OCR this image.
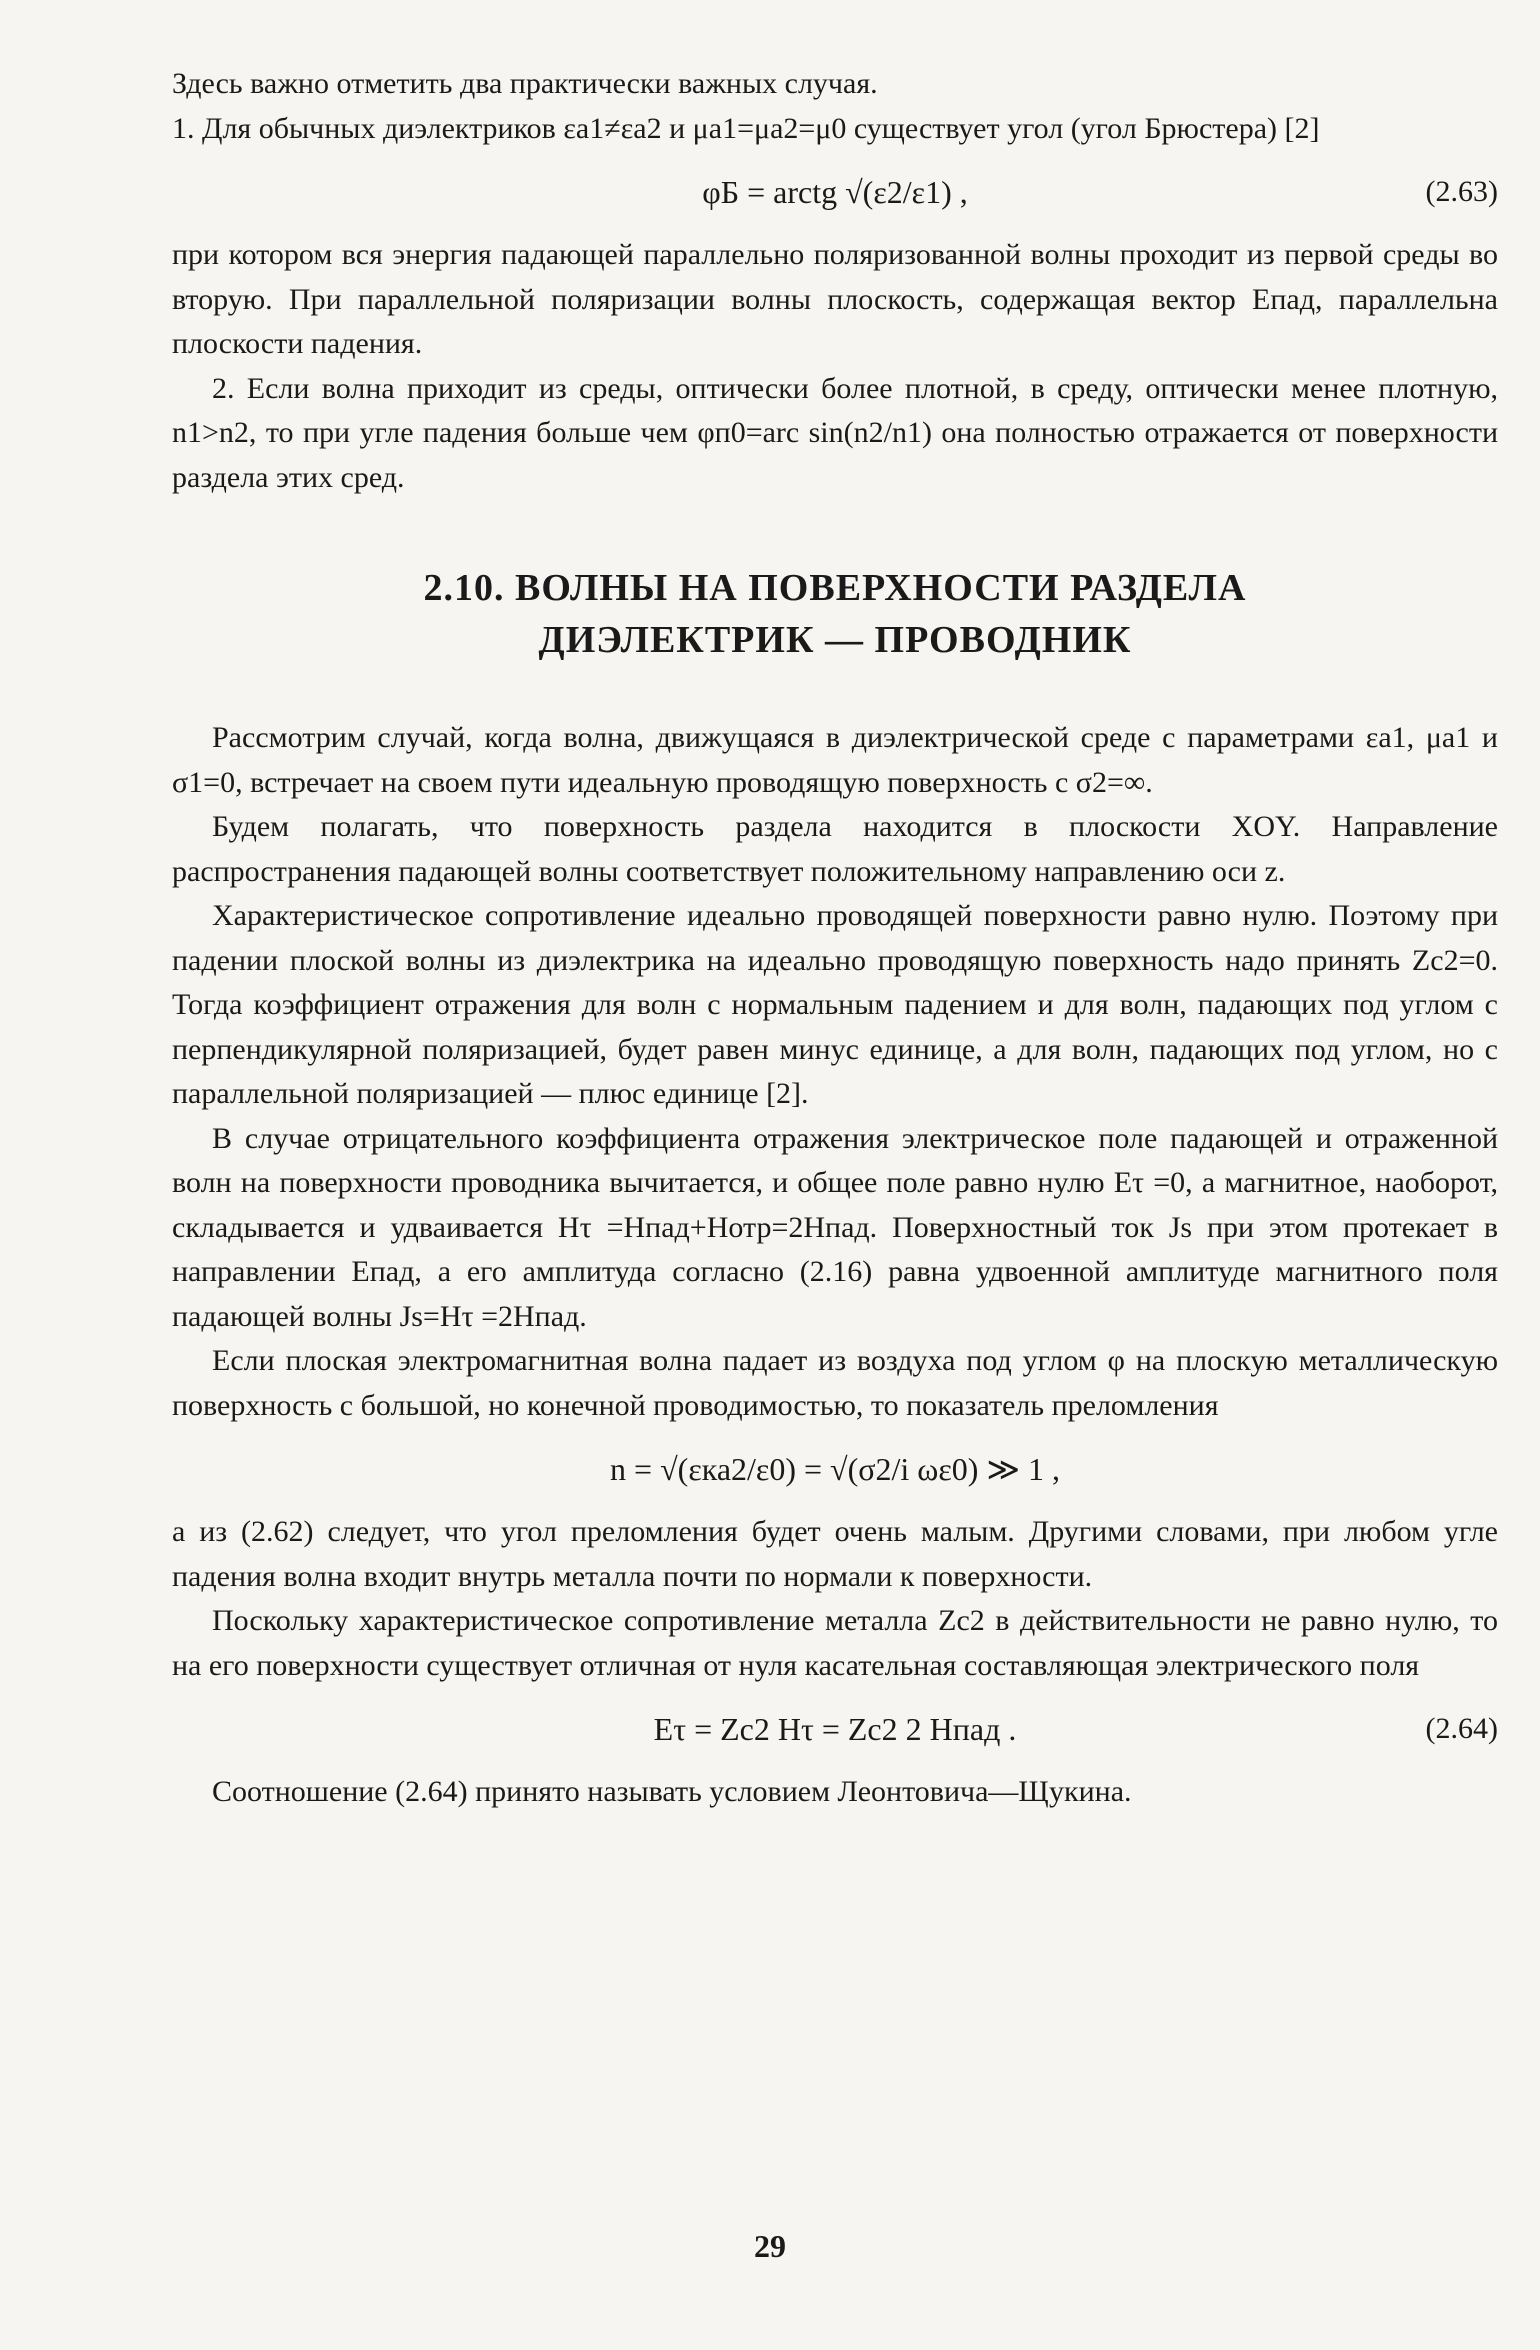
Здесь важно отметить два практически важных случая.

1. Для обычных диэлектриков εa1≠εa2 и μa1=μa2=μ0 существует угол (угол Брюстера) [2]

φБ = arctg √(ε2/ε1) ,	(2.63)

при котором вся энергия падающей параллельно поляризованной волны проходит из первой среды во вторую. При параллельной поляризации волны плоскость, содержащая вектор Eпад, параллельна плоскости падения.

2. Если волна приходит из среды, оптически более плотной, в среду, оптически менее плотную, n1>n2, то при угле падения больше чем φп0=arc sin(n2/n1) она полностью отражается от поверхности раздела этих сред.

2.10. ВОЛНЫ НА ПОВЕРХНОСТИ РАЗДЕЛА
ДИЭЛЕКТРИК — ПРОВОДНИК

Рассмотрим случай, когда волна, движущаяся в диэлектрической среде с параметрами εa1, μa1 и σ1=0, встречает на своем пути идеальную проводящую поверхность с σ2=∞.

Будем полагать, что поверхность раздела находится в плоскости XOY. Направление распространения падающей волны соответствует положительному направлению оси z.

Характеристическое сопротивление идеально проводящей поверхности равно нулю. Поэтому при падении плоской волны из диэлектрика на идеально проводящую поверхность надо принять Zc2=0. Тогда коэффициент отражения для волн с нормальным падением и для волн, падающих под углом с перпендикулярной поляризацией, будет равен минус единице, а для волн, падающих под углом, но с параллельной поляризацией — плюс единице [2].

В случае отрицательного коэффициента отражения электрическое поле падающей и отраженной волн на поверхности проводника вычитается, и общее поле равно нулю Eτ =0, а магнитное, наоборот, складывается и удваивается Hτ =Hпад+Hотр=2Hпад. Поверхностный ток Js при этом протекает в направлении Eпад, а его амплитуда согласно (2.16) равна удвоенной амплитуде магнитного поля падающей волны Js=Hτ =2Hпад.

Если плоская электромагнитная волна падает из воздуха под углом φ на плоскую металлическую поверхность с большой, но конечной проводимостью, то показатель преломления

n = √(εка2/ε0) = √(σ2/i ωε0) ≫ 1 ,

а из (2.62) следует, что угол преломления будет очень малым. Другими словами, при любом угле падения волна входит внутрь металла почти по нормали к поверхности.

Поскольку характеристическое сопротивление металла Zc2 в действительности не равно нулю, то на его поверхности существует отличная от нуля касательная составляющая электрического поля

Eτ = Zc2 Hτ = Zc2 2 Hпад .	(2.64)

Соотношение (2.64) принято называть условием Леонтовича—Щукина.

29
